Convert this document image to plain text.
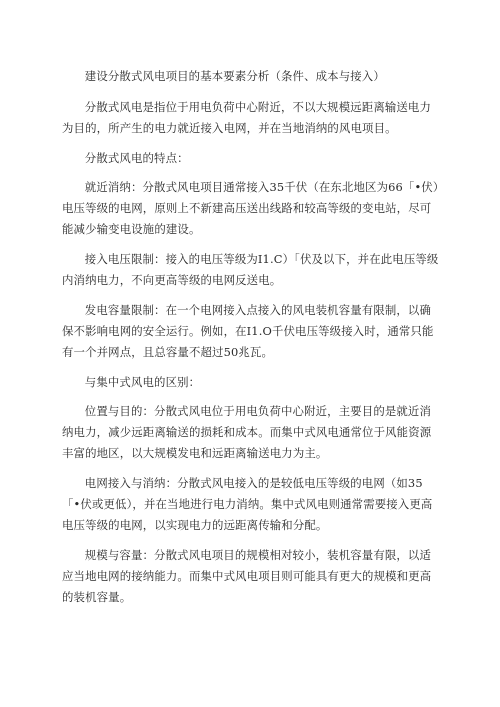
建设分散式风电项目的基本要素分析（条件、成本与接入）

分散式风电是指位于用电负荷中心附近，不以大规模远距离输送电力为目的，所产生的电力就近接入电网，并在当地消纳的风电项目。

分散式风电的特点：

就近消纳：分散式风电项目通常接入35千伏（在东北地区为66「•伏）电压等级的电网，原则上不新建高压送出线路和较高等级的变电站，尽可能减少输变电设施的建设。

接入电压限制：接入的电压等级为I1.C）「伏及以下，并在此电压等级内消纳电力，不向更高等级的电网反送电。

发电容量限制：在一个电网接入点接入的风电装机容量有限制，以确保不影响电网的安全运行。例如，在I1.O千伏电压等级接入时，通常只能有一个并网点，且总容量不超过50兆瓦。

与集中式风电的区别：

位置与目的：分散式风电位于用电负荷中心附近，主要目的是就近消纳电力，减少远距离输送的损耗和成本。而集中式风电通常位于风能资源丰富的地区，以大规模发电和远距离输送电力为主。

电网接入与消纳：分散式风电接入的是较低电压等级的电网（如35「•伏或更低），并在当地进行电力消纳。集中式风电则通常需要接入更高电压等级的电网，以实现电力的远距离传输和分配。

规模与容量：分散式风电项目的规模相对较小，装机容量有限，以适应当地电网的接纳能力。而集中式风电项目则可能具有更大的规模和更高的装机容量。
